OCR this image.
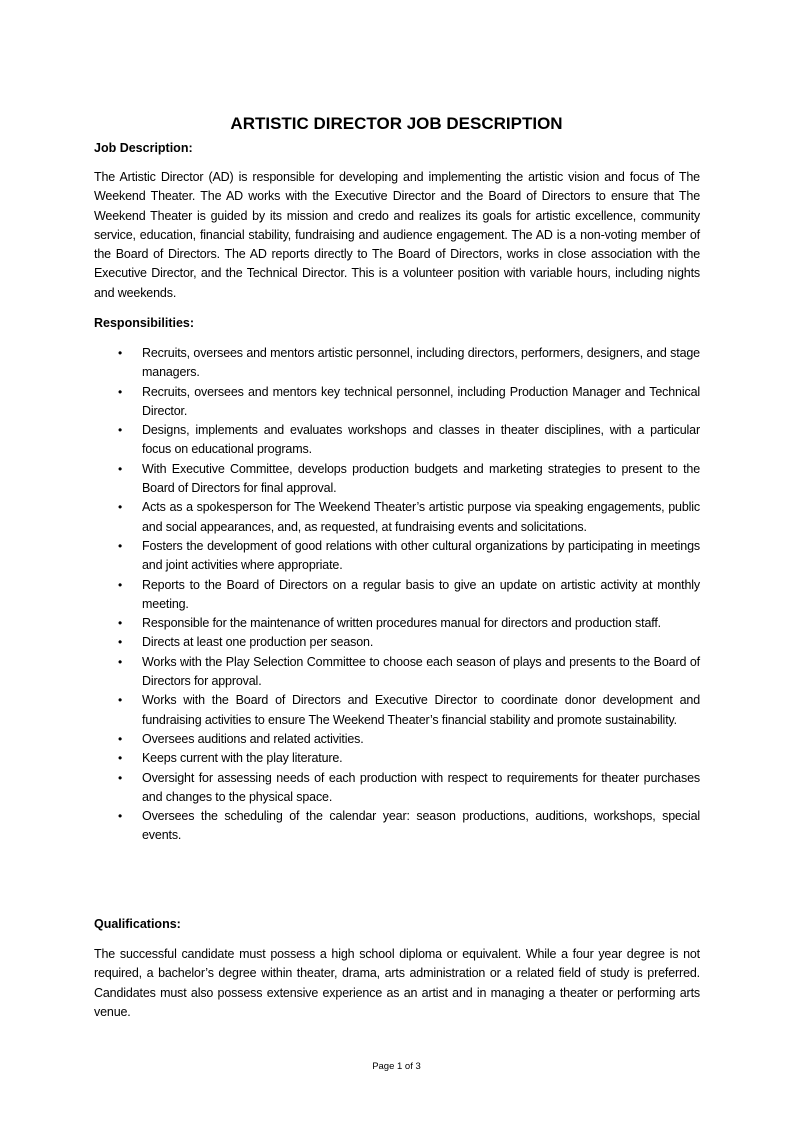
ARTISTIC DIRECTOR JOB DESCRIPTION
Job Description:

The Artistic Director (AD) is responsible for developing and implementing the artistic vision and focus of The Weekend Theater. The AD works with the Executive Director and the Board of Directors to ensure that The Weekend Theater is guided by its mission and credo and realizes its goals for artistic excellence, community service, education, financial stability, fundraising and audience engagement. The AD is a non-voting member of the Board of Directors. The AD reports directly to The Board of Directors, works in close association with the Executive Director, and the Technical Director. This is a volunteer position with variable hours, including nights and weekends.

Responsibilities:
• Recruits, oversees and mentors artistic personnel, including directors, performers, designers, and stage managers.
• Recruits, oversees and mentors key technical personnel, including Production Manager and Technical Director.
• Designs, implements and evaluates workshops and classes in theater disciplines, with a particular focus on educational programs.
• With Executive Committee, develops production budgets and marketing strategies to present to the Board of Directors for final approval.
• Acts as a spokesperson for The Weekend Theater’s artistic purpose via speaking engagements, public and social appearances, and, as requested, at fundraising events and solicitations.
• Fosters the development of good relations with other cultural organizations by participating in meetings and joint activities where appropriate.
• Reports to the Board of Directors on a regular basis to give an update on artistic activity at monthly meeting.
• Responsible for the maintenance of written procedures manual for directors and production staff.
• Directs at least one production per season.
• Works with the Play Selection Committee to choose each season of plays and presents to the Board of Directors for approval.
• Works with the Board of Directors and Executive Director to coordinate donor development and fundraising activities to ensure The Weekend Theater’s financial stability and promote sustainability.
• Oversees auditions and related activities.
• Keeps current with the play literature.
• Oversight for assessing needs of each production with respect to requirements for theater purchases and changes to the physical space.
• Oversees the scheduling of the calendar year: season productions, auditions, workshops, special events.
Qualifications:

The successful candidate must possess a high school diploma or equivalent. While a four year degree is not required, a bachelor’s degree within theater, drama, arts administration or a related field of study is preferred. Candidates must also possess extensive experience as an artist and in managing a theater or performing arts venue.

Page 1 of 3
